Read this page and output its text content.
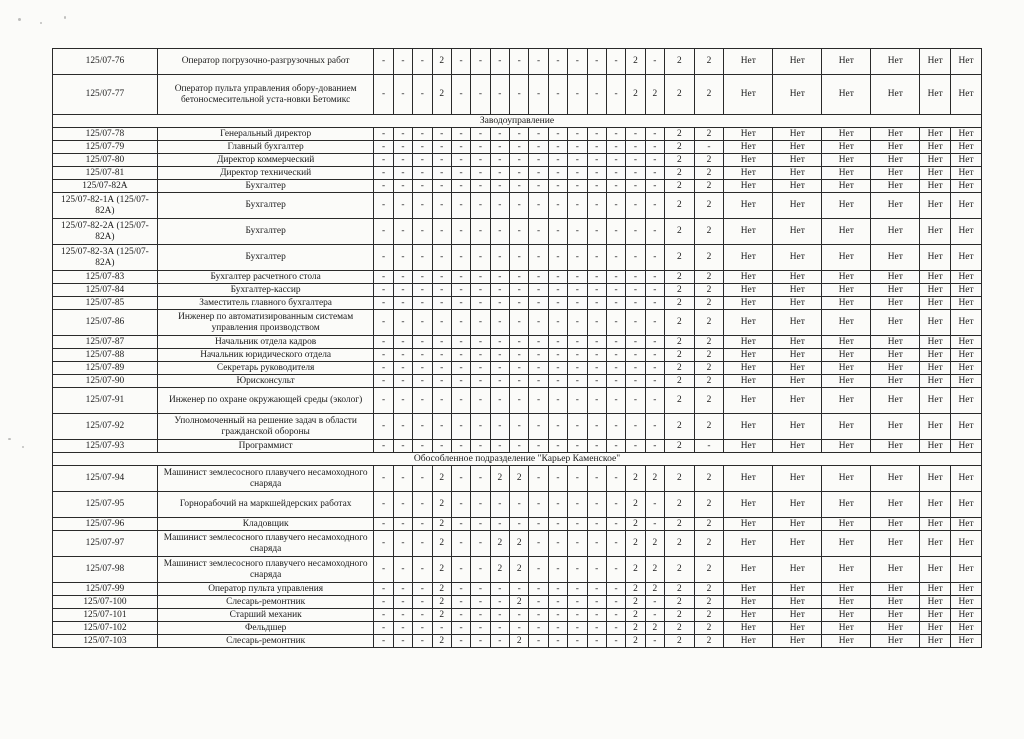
125/07-76	Оператор погрузочно-разгрузочных работ	-	-	-	2	-	-	-	-	-	-	-	-	-	2	-	2	2	Нет	Нет	Нет	Нет	Нет	Нет
125/07-77	Оператор пульта управления обору-дованием бетоносмесительной уста-новки Бетомикс	-	-	-	2	-	-	-	-	-	-	-	-	-	2	2	2	2	Нет	Нет	Нет	Нет	Нет	Нет
Заводоуправление																								
125/07-78	Генеральный директор	-	-	-	-	-	-	-	-	-	-	-	-	-	-	-	2	2	Нет	Нет	Нет	Нет	Нет	Нет
125/07-79	Главный бухгалтер	-	-	-	-	-	-	-	-	-	-	-	-	-	-	-	2	-	Нет	Нет	Нет	Нет	Нет	Нет
125/07-80	Директор коммерческий	-	-	-	-	-	-	-	-	-	-	-	-	-	-	-	2	2	Нет	Нет	Нет	Нет	Нет	Нет
125/07-81	Директор технический	-	-	-	-	-	-	-	-	-	-	-	-	-	-	-	2	2	Нет	Нет	Нет	Нет	Нет	Нет
125/07-82А	Бухгалтер	-	-	-	-	-	-	-	-	-	-	-	-	-	-	-	2	2	Нет	Нет	Нет	Нет	Нет	Нет
125/07-82-1А (125/07-82А)	Бухгалтер	-	-	-	-	-	-	-	-	-	-	-	-	-	-	-	2	2	Нет	Нет	Нет	Нет	Нет	Нет
125/07-82-2А (125/07-82А)	Бухгалтер	-	-	-	-	-	-	-	-	-	-	-	-	-	-	-	2	2	Нет	Нет	Нет	Нет	Нет	Нет
125/07-82-3А (125/07-82А)	Бухгалтер	-	-	-	-	-	-	-	-	-	-	-	-	-	-	-	2	2	Нет	Нет	Нет	Нет	Нет	Нет
125/07-83	Бухгалтер расчетного стола	-	-	-	-	-	-	-	-	-	-	-	-	-	-	-	2	2	Нет	Нет	Нет	Нет	Нет	Нет
125/07-84	Бухгалтер-кассир	-	-	-	-	-	-	-	-	-	-	-	-	-	-	-	2	2	Нет	Нет	Нет	Нет	Нет	Нет
125/07-85	Заместитель главного бухгалтера	-	-	-	-	-	-	-	-	-	-	-	-	-	-	-	2	2	Нет	Нет	Нет	Нет	Нет	Нет
125/07-86	Инженер по автоматизированным системам управления производством	-	-	-	-	-	-	-	-	-	-	-	-	-	-	-	2	2	Нет	Нет	Нет	Нет	Нет	Нет
125/07-87	Начальник отдела кадров	-	-	-	-	-	-	-	-	-	-	-	-	-	-	-	2	2	Нет	Нет	Нет	Нет	Нет	Нет
125/07-88	Начальник юридического отдела	-	-	-	-	-	-	-	-	-	-	-	-	-	-	-	2	2	Нет	Нет	Нет	Нет	Нет	Нет
125/07-89	Секретарь руководителя	-	-	-	-	-	-	-	-	-	-	-	-	-	-	-	2	2	Нет	Нет	Нет	Нет	Нет	Нет
125/07-90	Юрисконсульт	-	-	-	-	-	-	-	-	-	-	-	-	-	-	-	2	2	Нет	Нет	Нет	Нет	Нет	Нет
125/07-91	Инженер по охране окружающей среды (эколог)	-	-	-	-	-	-	-	-	-	-	-	-	-	-	-	2	2	Нет	Нет	Нет	Нет	Нет	Нет
125/07-92	Уполномоченный на решение задач в области гражданской обороны	-	-	-	-	-	-	-	-	-	-	-	-	-	-	-	2	2	Нет	Нет	Нет	Нет	Нет	Нет
125/07-93	Программист	-	-	-	-	-	-	-	-	-	-	-	-	-	-	-	2	-	Нет	Нет	Нет	Нет	Нет	Нет
Обособленное подразделение "Карьер Каменское"																								
125/07-94	Машинист землесосного плавучего несамоходного снаряда	-	-	-	2	-	-	2	2	-	-	-	-	-	2	2	2	2	Нет	Нет	Нет	Нет	Нет	Нет
125/07-95	Горнорабочий на маркшейдерских работах	-	-	-	2	-	-	-	-	-	-	-	-	-	2	-	2	2	Нет	Нет	Нет	Нет	Нет	Нет
125/07-96	Кладовщик	-	-	-	2	-	-	-	-	-	-	-	-	-	2	-	2	2	Нет	Нет	Нет	Нет	Нет	Нет
125/07-97	Машинист землесосного плавучего несамоходного снаряда	-	-	-	2	-	-	2	2	-	-	-	-	-	2	2	2	2	Нет	Нет	Нет	Нет	Нет	Нет
125/07-98	Машинист землесосного плавучего несамоходного снаряда	-	-	-	2	-	-	2	2	-	-	-	-	-	2	2	2	2	Нет	Нет	Нет	Нет	Нет	Нет
125/07-99	Оператор пульта управления	-	-	-	2	-	-	-	-	-	-	-	-	-	2	2	2	2	Нет	Нет	Нет	Нет	Нет	Нет
125/07-100	Слесарь-ремонтник	-	-	-	2	-	-	-	2	-	-	-	-	-	2	-	2	2	Нет	Нет	Нет	Нет	Нет	Нет
125/07-101	Старший механик	-	-	-	2	-	-	-	-	-	-	-	-	-	2	-	2	2	Нет	Нет	Нет	Нет	Нет	Нет
125/07-102	Фельдшер	-	-	-	-	-	-	-	-	-	-	-	-	-	2	2	2	2	Нет	Нет	Нет	Нет	Нет	Нет
125/07-103	Слесарь-ремонтник	-	-	-	2	-	-	-	2	-	-	-	-	-	2	-	2	2	Нет	Нет	Нет	Нет	Нет	Нет
